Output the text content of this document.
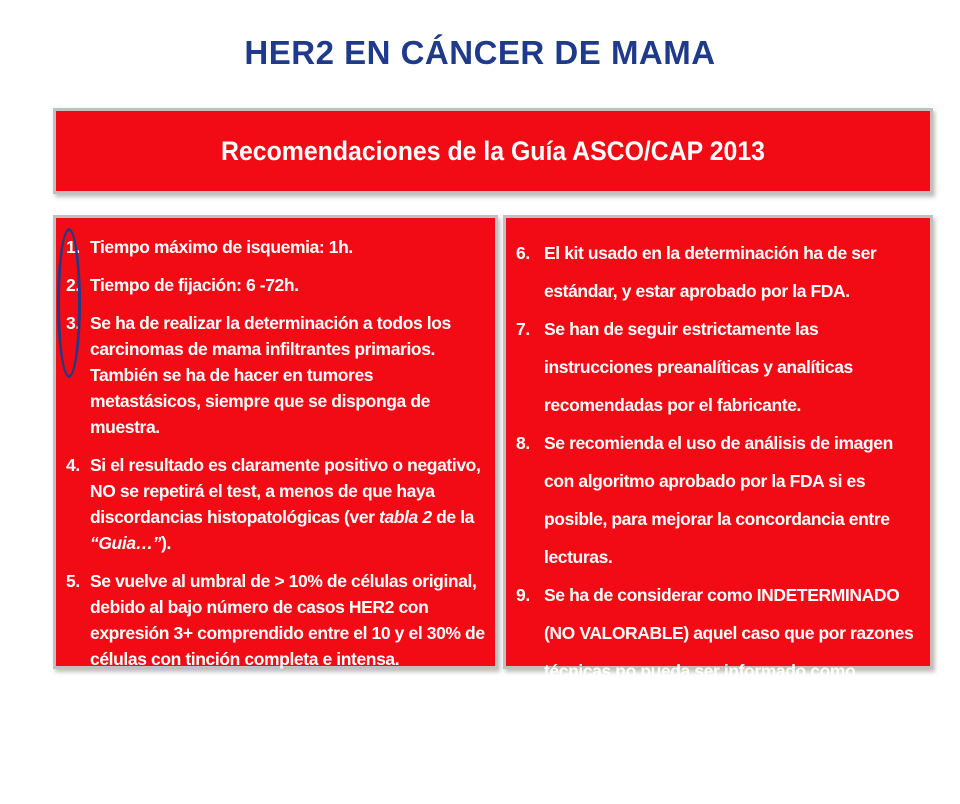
HER2 EN CÁNCER DE MAMA
Recomendaciones de la Guía ASCO/CAP 2013
1. Tiempo máximo de isquemia: 1h.
2. Tiempo de fijación: 6 -72h.
3. Se ha de realizar la determinación a todos los carcinomas de mama infiltrantes primarios. También se ha de hacer en tumores metastásicos, siempre que se disponga de muestra.
4. Si el resultado es claramente positivo o negativo, NO se repetirá el test, a menos de que haya discordancias histopatológicas (ver tabla 2 de la “Guia…”).
5. Se vuelve al umbral de > 10% de células original, debido al bajo número de casos HER2 con expresión 3+ comprendido entre el 10 y el 30% de células con tinción completa e intensa.
6. El kit usado en la determinación ha de ser estándar, y estar aprobado por la FDA.
7. Se han de seguir estrictamente las instrucciones preanalíticas y analíticas recomendadas por el fabricante.
8. Se recomienda el uso de análisis de imagen con algoritmo aprobado por la FDA si es posible, para mejorar la concordancia entre lecturas.
9. Se ha de considerar como INDETERMINADO (NO VALORABLE) aquel caso que por razones técnicas no pueda ser informado como positivo, negativo ni como equívoco.
10. Porcentaje de casos positivos para HER2: 15-20%.
